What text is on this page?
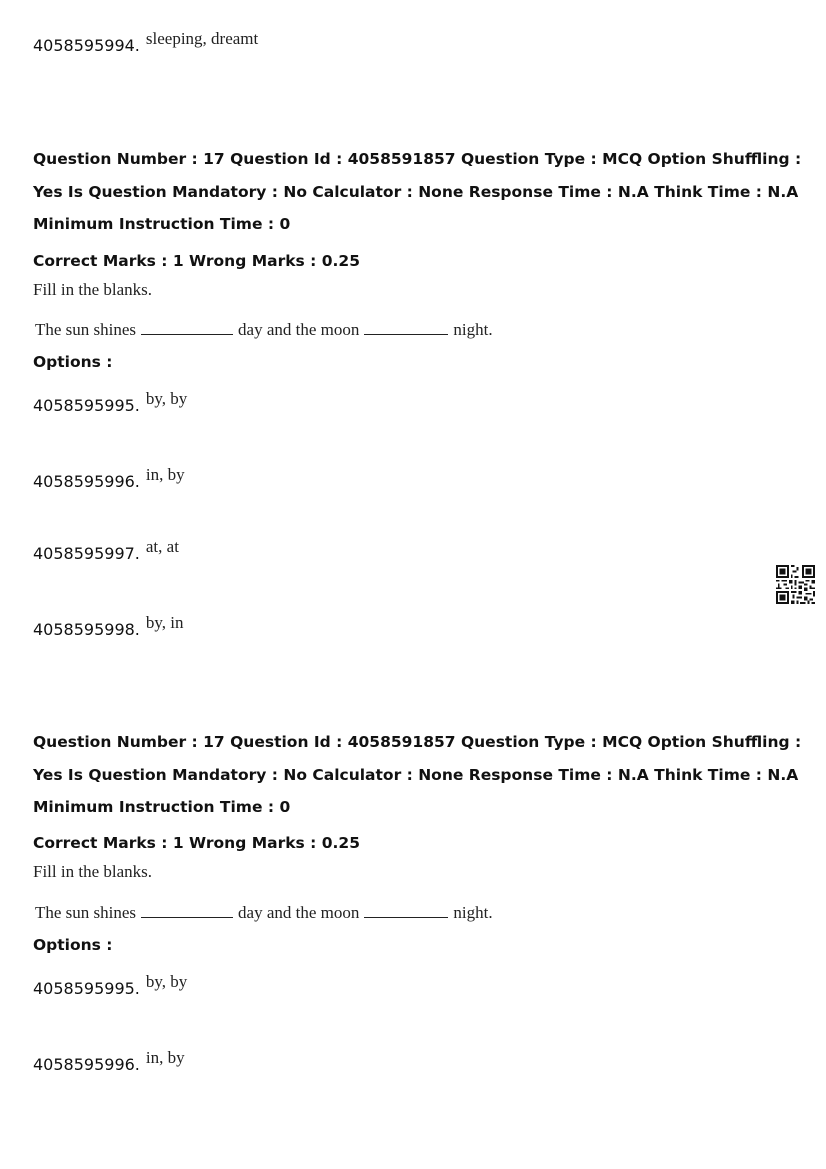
4058595994. sleeping, dreamt
Question Number : 17 Question Id : 4058591857 Question Type : MCQ Option Shuffling : Yes Is Question Mandatory : No Calculator : None Response Time : N.A Think Time : N.A Minimum Instruction Time : 0
Correct Marks : 1 Wrong Marks : 0.25
Fill in the blanks.
The sun shines	day and the moon	night.
Options :
4058595995. by, by
4058595996. in, by
4058595997. at, at
4058595998. by, in
Question Number : 17 Question Id : 4058591857 Question Type : MCQ Option Shuffling : Yes Is Question Mandatory : No Calculator : None Response Time : N.A Think Time : N.A Minimum Instruction Time : 0
Correct Marks : 1 Wrong Marks : 0.25
Fill in the blanks.
The sun shines	day and the moon	night.
Options :
4058595995. by, by
4058595996. in, by
